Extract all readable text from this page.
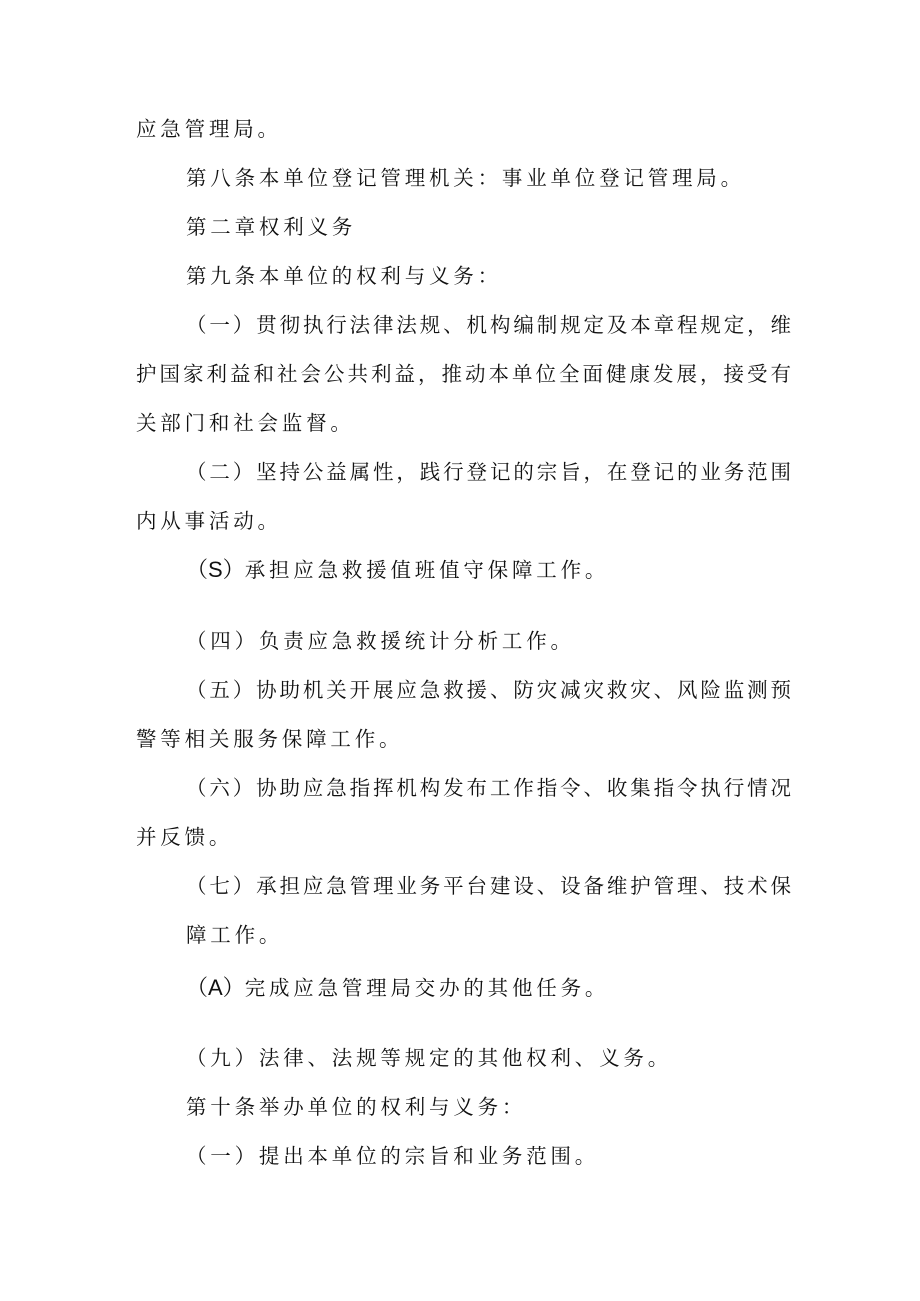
应急管理局。
第八条本单位登记管理机关：事业单位登记管理局。
第二章权利义务
第九条本单位的权利与义务：
（一）贯彻执行法律法规、机构编制规定及本章程规定，维
护国家利益和社会公共利益，推动本单位全面健康发展，接受有
关部门和社会监督。
（二）坚持公益属性，践行登记的宗旨，在登记的业务范围
内从事活动。
（S）承担应急救援值班值守保障工作。
（四）负责应急救援统计分析工作。
（五）协助机关开展应急救援、防灾减灾救灾、风险监测预
警等相关服务保障工作。
（六）协助应急指挥机构发布工作指令、收集指令执行情况
并反馈。
（七）承担应急管理业务平台建设、设备维护管理、技术保
障工作。
（A）完成应急管理局交办的其他任务。
（九）法律、法规等规定的其他权利、义务。
第十条举办单位的权利与义务：
（一）提出本单位的宗旨和业务范围。
